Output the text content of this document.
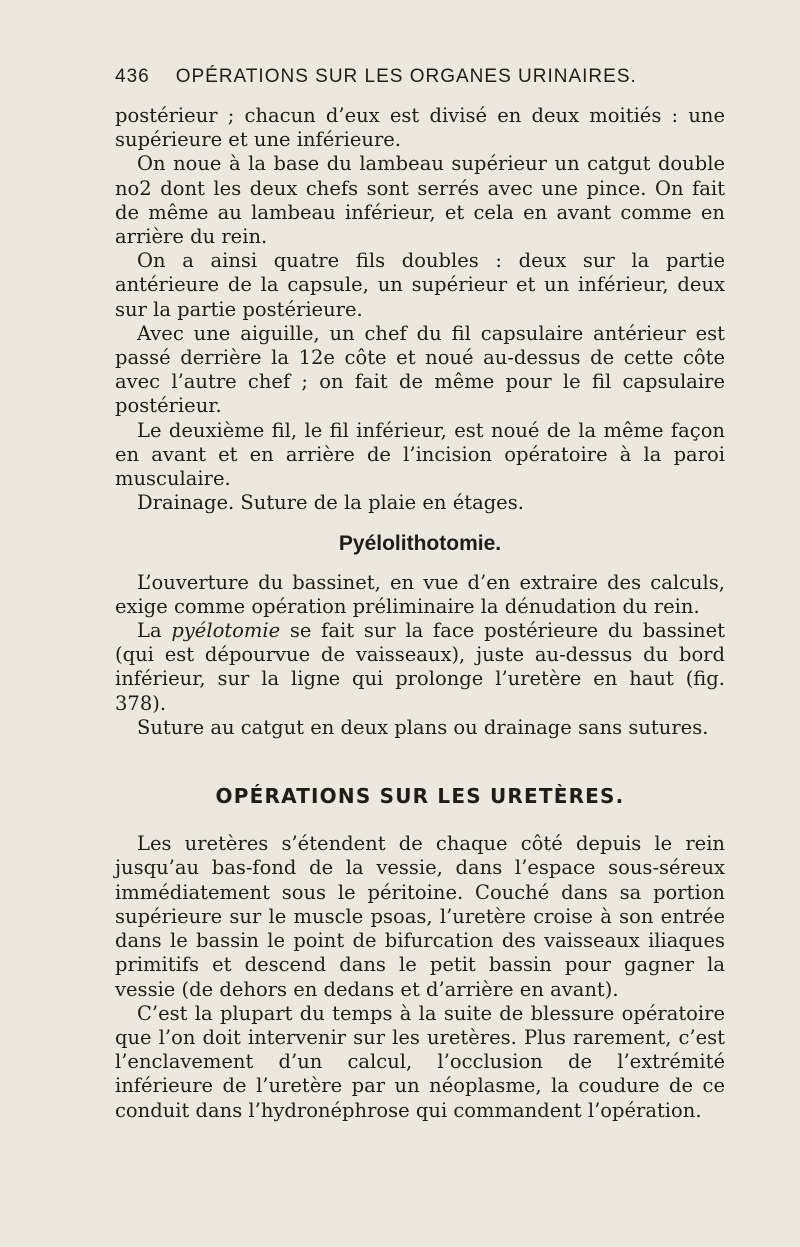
436 OPÉRATIONS SUR LES ORGANES URINAIRES.

postérieur ; chacun d’eux est divisé en deux moitiés : une supérieure et une inférieure.

On noue à la base du lambeau supérieur un catgut double no2 dont les deux chefs sont serrés avec une pince. On fait de même au lambeau inférieur, et cela en avant comme en arrière du rein.

On a ainsi quatre fils doubles : deux sur la partie antérieure de la capsule, un supérieur et un inférieur, deux sur la partie postérieure.

Avec une aiguille, un chef du fil capsulaire antérieur est passé derrière la 12e côte et noué au-dessus de cette côte avec l’autre chef ; on fait de même pour le fil capsulaire postérieur.

Le deuxième fil, le fil inférieur, est noué de la même façon en avant et en arrière de l’incision opératoire à la paroi musculaire.

Drainage. Suture de la plaie en étages.

Pyélolithotomie.

L’ouverture du bassinet, en vue d’en extraire des calculs, exige comme opération préliminaire la dénudation du rein.

La pyélotomie se fait sur la face postérieure du bassinet (qui est dépourvue de vaisseaux), juste au-dessus du bord inférieur, sur la ligne qui prolonge l’uretère en haut (fig. 378).

Suture au catgut en deux plans ou drainage sans sutures.

OPÉRATIONS SUR LES URETÈRES.

Les uretères s’étendent de chaque côté depuis le rein jusqu’au bas-fond de la vessie, dans l’espace sous-séreux immédiatement sous le péritoine. Couché dans sa portion supérieure sur le muscle psoas, l’uretère croise à son entrée dans le bassin le point de bifurcation des vaisseaux iliaques primitifs et descend dans le petit bassin pour gagner la vessie (de dehors en dedans et d’arrière en avant).

C’est la plupart du temps à la suite de blessure opératoire que l’on doit intervenir sur les uretères. Plus rarement, c’est l’enclavement d’un calcul, l’occlusion de l’extrémité inférieure de l’uretère par un néoplasme, la coudure de ce conduit dans l’hydronéphrose qui commandent l’opération.
